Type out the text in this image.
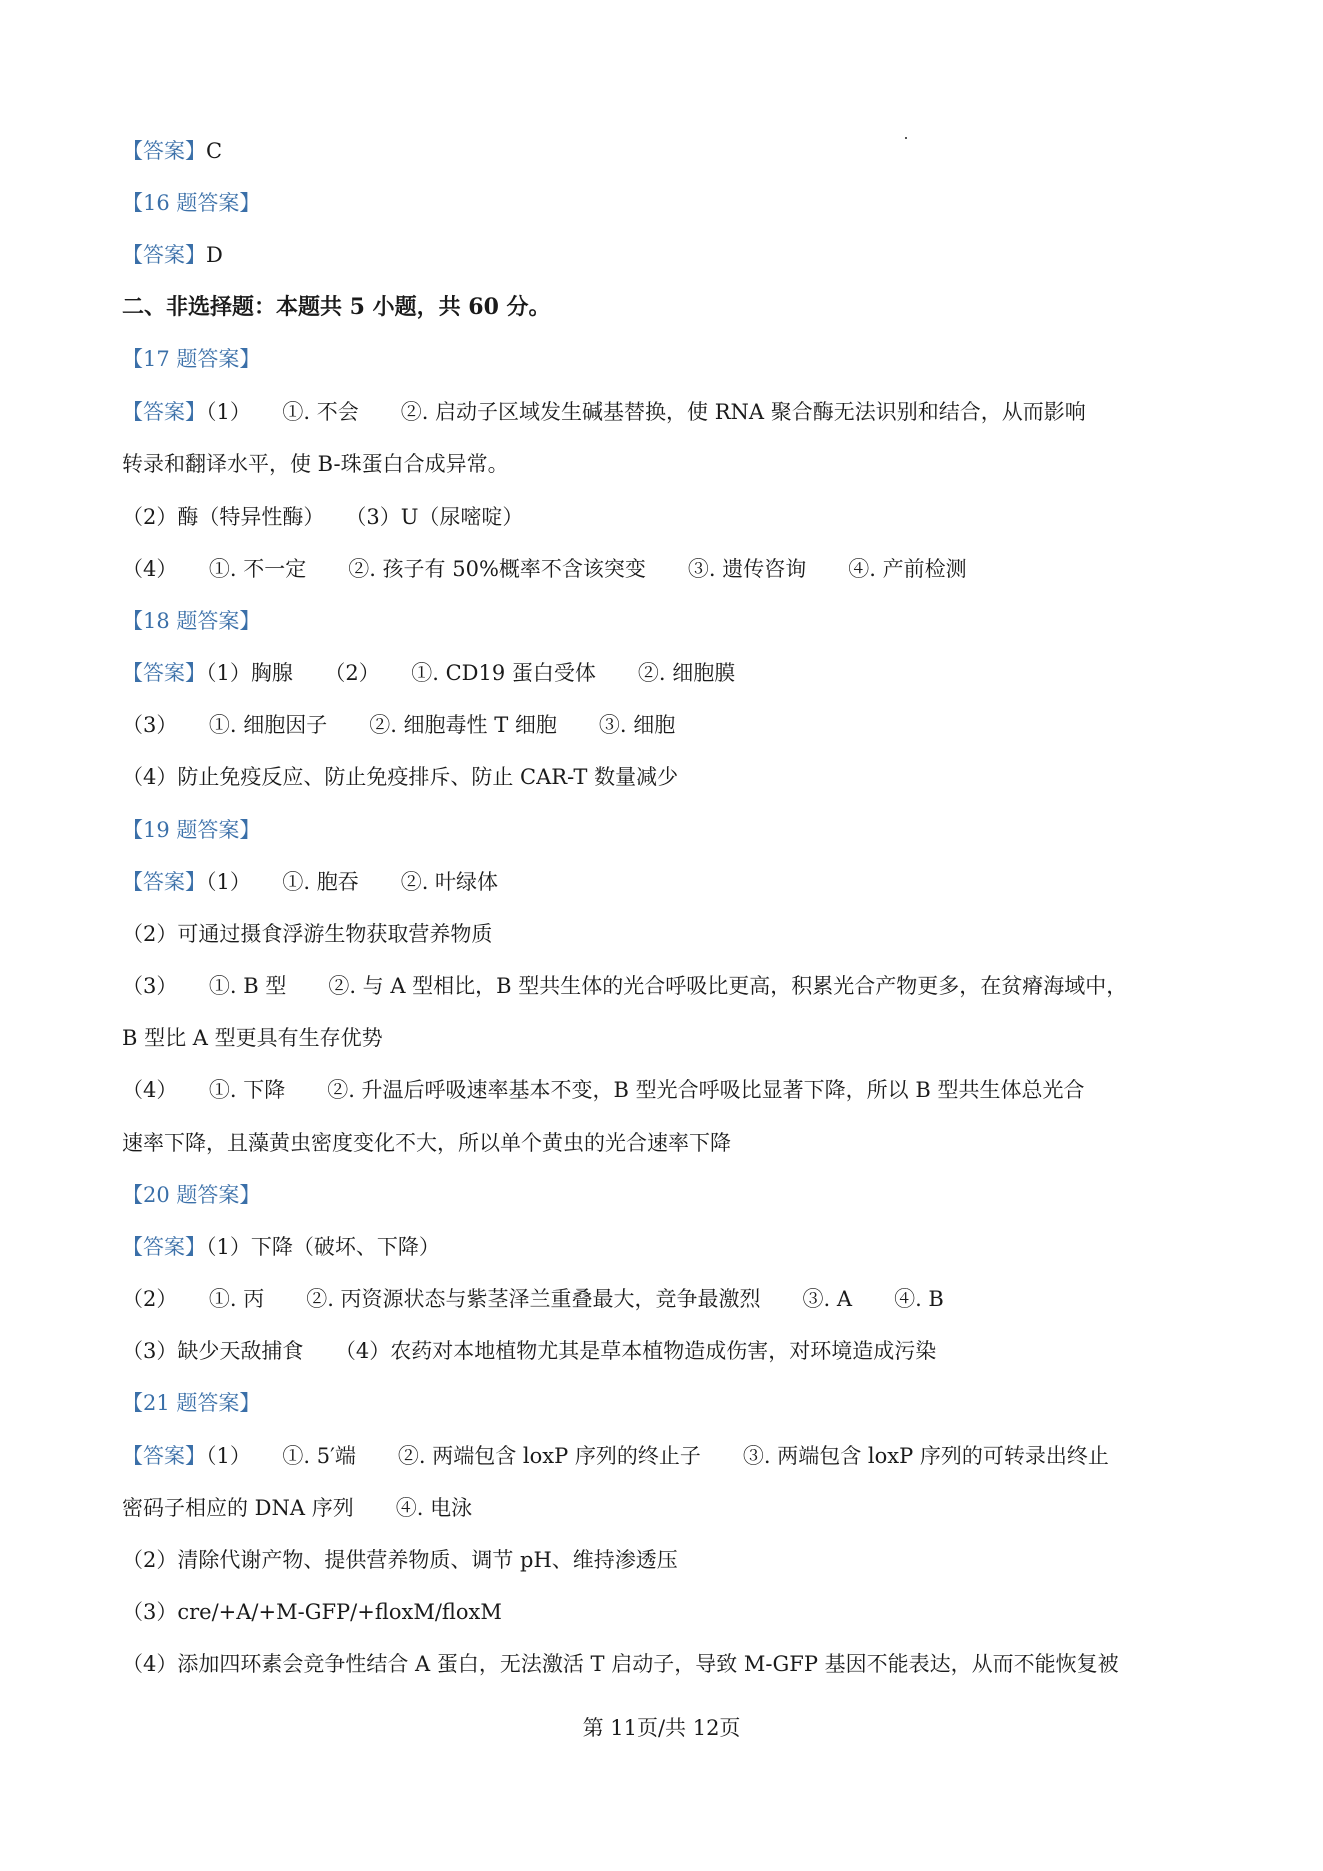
【答案】C
【16 题答案】
【答案】D
二、非选择题：本题共 5 小题，共 60 分。
【17 题答案】
【答案】（1）　　①. 不会　　②. 启动子区域发生碱基替换，使 RNA 聚合酶无法识别和结合，从而影响
转录和翻译水平，使 B-珠蛋白合成异常。
（2）酶（特异性酶）　　（3）U（尿嘧啶）
（4）　　①. 不一定　　②. 孩子有 50%概率不含该突变　　③. 遗传咨询　　④. 产前检测
【18 题答案】
【答案】（1）胸腺　　（2）　　①. CD19 蛋白受体　　②. 细胞膜
（3）　　①. 细胞因子　　②. 细胞毒性 T 细胞　　③. 细胞
（4）防止免疫反应、防止免疫排斥、防止 CAR-T 数量减少
【19 题答案】
【答案】（1）　　①. 胞吞　　②. 叶绿体
（2）可通过摄食浮游生物获取营养物质
（3）　　①. B 型　　②. 与 A 型相比，B 型共生体的光合呼吸比更高，积累光合产物更多，在贫瘠海域中，
B 型比 A 型更具有生存优势
（4）　　①. 下降　　②. 升温后呼吸速率基本不变，B 型光合呼吸比显著下降，所以 B 型共生体总光合
速率下降，且藻黄虫密度变化不大，所以单个黄虫的光合速率下降
【20 题答案】
【答案】（1）下降（破坏、下降）
（2）　　①. 丙　　②. 丙资源状态与紫茎泽兰重叠最大，竞争最激烈　　③. A　　④. B
（3）缺少天敌捕食　　（4）农药对本地植物尤其是草本植物造成伤害，对环境造成污染
【21 题答案】
【答案】（1）　　①. 5′端　　②. 两端包含 loxP 序列的终止子　　③. 两端包含 loxP 序列的可转录出终止
密码子相应的 DNA 序列　　④. 电泳
（2）清除代谢产物、提供营养物质、调节 pH、维持渗透压
（3）cre/+A/+M-GFP/+floxM/floxM
（4）添加四环素会竞争性结合 A 蛋白，无法激活 T 启动子，导致 M-GFP 基因不能表达，从而不能恢复被
第 11页/共 12页
